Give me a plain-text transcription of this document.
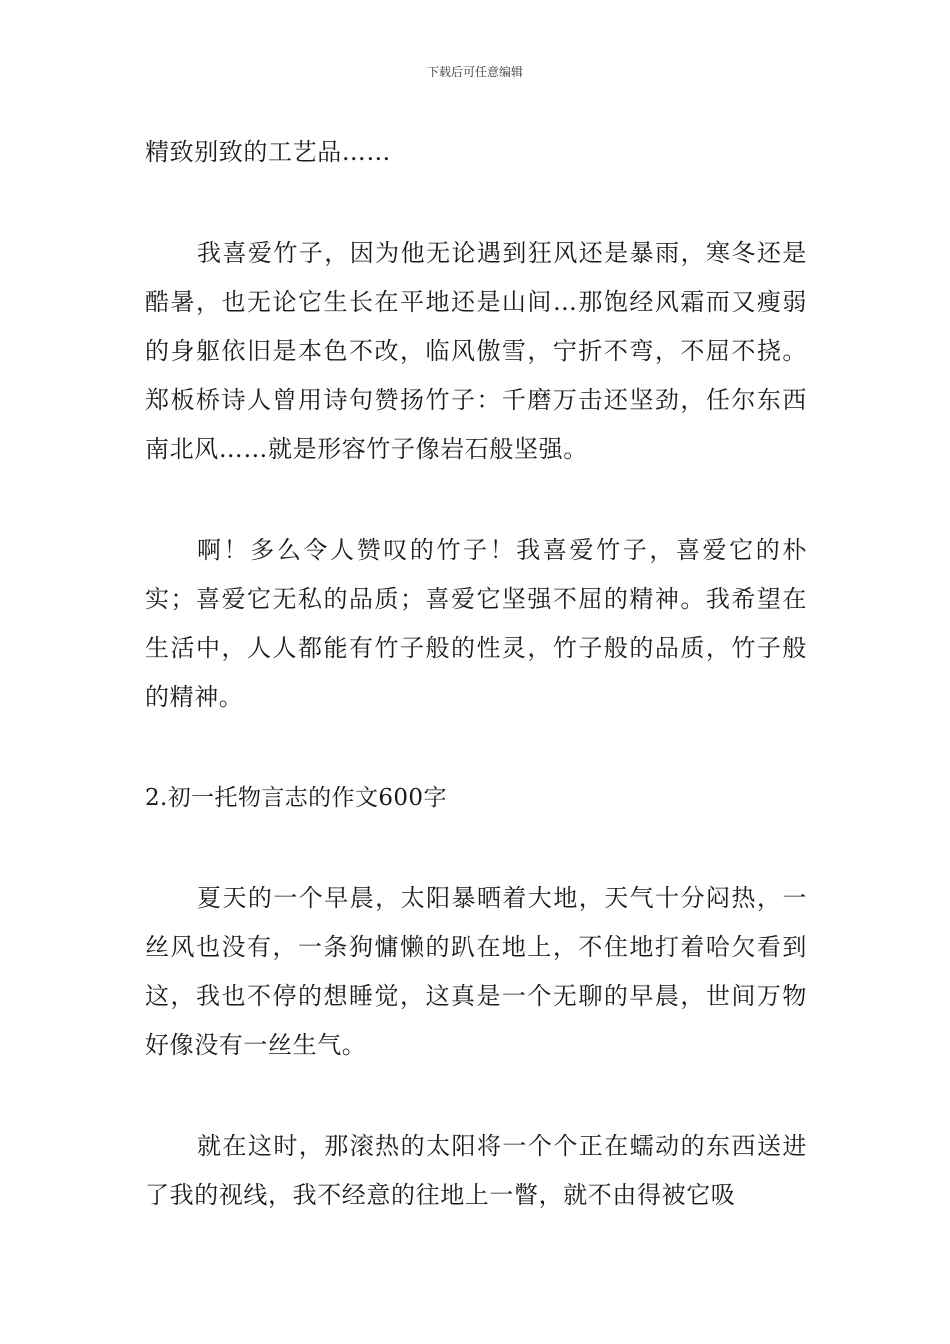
下载后可任意编辑

精致别致的工艺品……

我喜爱竹子，因为他无论遇到狂风还是暴雨，寒冬还是酷暑，也无论它生长在平地还是山间…那饱经风霜而又瘦弱的身躯依旧是本色不改，临风傲雪，宁折不弯，不屈不挠。郑板桥诗人曾用诗句赞扬竹子：千磨万击还坚劲，任尔东西南北风……就是形容竹子像岩石般坚强。

啊！多么令人赞叹的竹子！我喜爱竹子，喜爱它的朴实；喜爱它无私的品质；喜爱它坚强不屈的精神。我希望在生活中，人人都能有竹子般的性灵，竹子般的品质，竹子般的精神。

2.初一托物言志的作文600字

夏天的一个早晨，太阳暴晒着大地，天气十分闷热，一丝风也没有，一条狗慵懒的趴在地上，不住地打着哈欠看到这，我也不停的想睡觉，这真是一个无聊的早晨，世间万物好像没有一丝生气。

就在这时，那滚热的太阳将一个个正在蠕动的东西送进了我的视线，我不经意的往地上一瞥，就不由得被它吸
